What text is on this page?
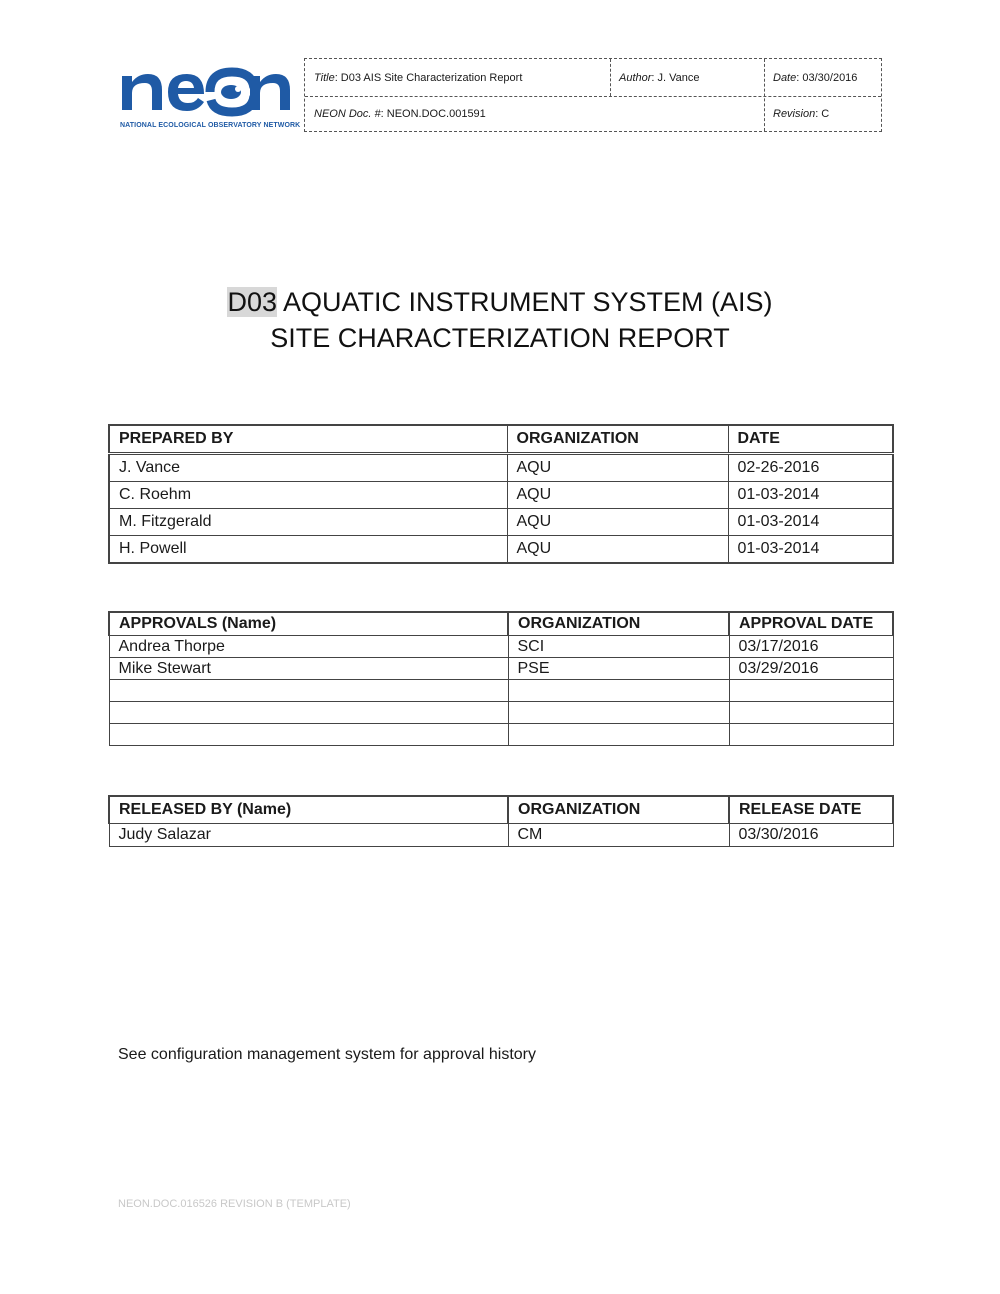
NATIONAL ECOLOGICAL OBSERVATORY NETWORK
Title : D03 AIS Site Characterization Report	Author : J. Vance	Date : 03/30/2016
NEON Doc. # : NEON.DOC.001591	Revision : C
D03 AQUATIC INSTRUMENT SYSTEM (AIS)
SITE CHARACTERIZATION REPORT
PREPARED BY	ORGANIZATION	DATE
J. Vance	AQU	02-26-2016
C. Roehm	AQU	01-03-2014
M. Fitzgerald	AQU	01-03-2014
H. Powell	AQU	01-03-2014
APPROVALS (Name)	ORGANIZATION	APPROVAL DATE
Andrea Thorpe	SCI	03/17/2016
Mike Stewart	PSE	03/29/2016

RELEASED BY (Name)	ORGANIZATION	RELEASE DATE
Judy Salazar	CM	03/30/2016
See configuration management system for approval history
NEON.DOC.016526 REVISION B (TEMPLATE)
